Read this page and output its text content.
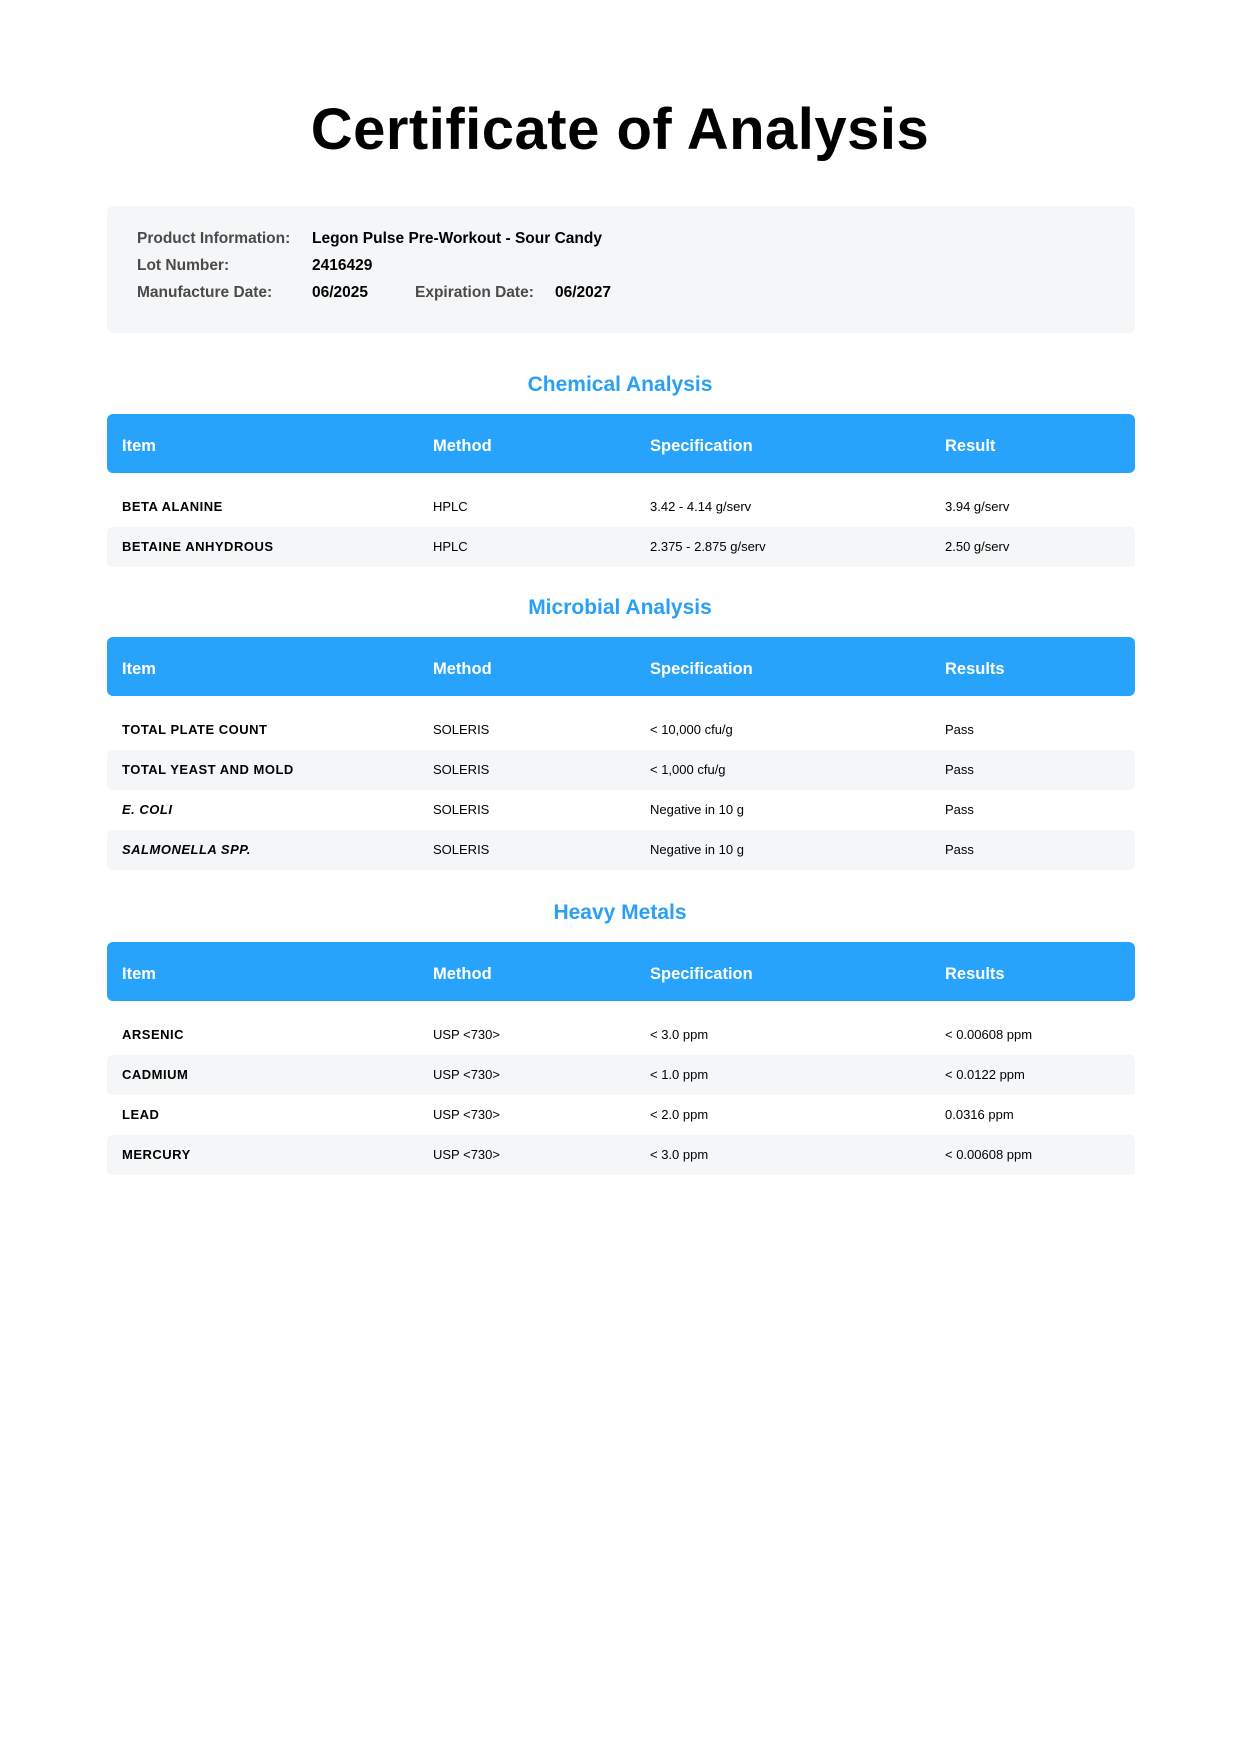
Certificate of Analysis
Product Information: Legon Pulse Pre-Workout - Sour Candy
Lot Number:	2416429
Manufacture Date:	06/2025	Expiration Date: 06/2027
Chemical Analysis
Item	Method	Specification	Result
BETA ALANINE	HPLC	3.42 - 4.14 g/serv	3.94 g/serv
BETAINE ANHYDROUS	HPLC	2.375 - 2.875 g/serv	2.50 g/serv
Microbial Analysis
Item	Method	Specification	Results
TOTAL PLATE COUNT	SOLERIS	< 10,000 cfu/g	Pass
TOTAL YEAST AND MOLD	SOLERIS	< 1,000 cfu/g	Pass
E. COLI	SOLERIS	Negative in 10 g	Pass
SALMONELLA SPP.	SOLERIS	Negative in 10 g	Pass
Heavy Metals
Item	Method	Specification	Results
ARSENIC	USP <730>	< 3.0 ppm	< 0.00608 ppm
CADMIUM	USP <730>	< 1.0 ppm	< 0.0122 ppm
LEAD	USP <730>	< 2.0 ppm	0.0316 ppm
MERCURY	USP <730>	< 3.0 ppm	< 0.00608 ppm
